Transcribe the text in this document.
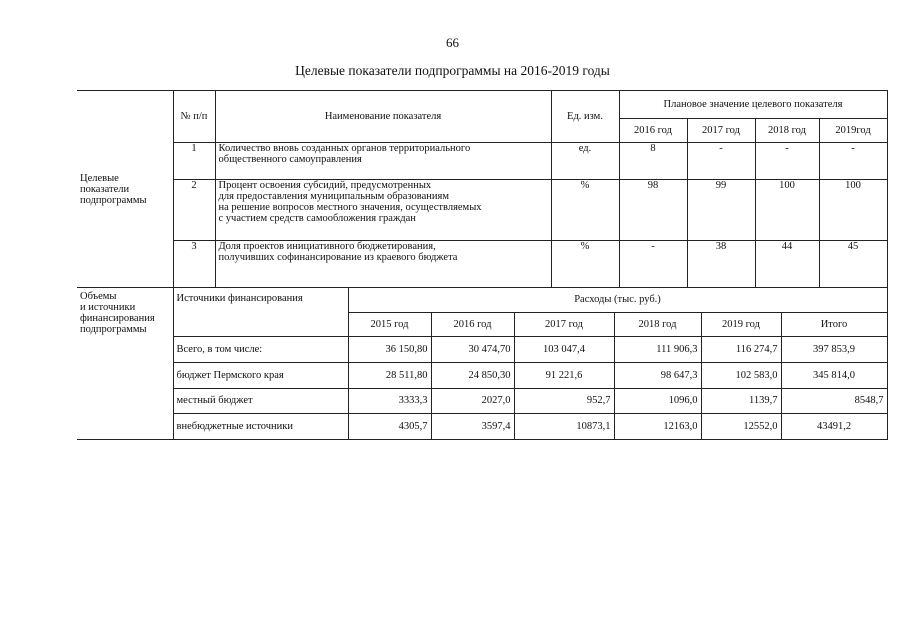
66
Целевые показатели подпрограммы на 2016-2019 годы
Целевые
показатели
подпрограммы	№ п/п	Наименование показателя	Ед. изм.	Плановое значение целевого показателя			
				2016 год	2017 год	2018 год	2019год
	1	Количество вновь созданных органов территориального
общественного самоуправления	ед.	8	-	-	-
	2	Процент освоения субсидий, предусмотренных
для предоставления муниципальным образованиям
на решение вопросов местного значения, осуществляемых
с участием средств самообложения граждан	%	98	99	100	100
	3	Доля проектов инициативного бюджетирования,
получивших софинансирование из краевого бюджета	%	-	38	44	45
Объемы
и источники
финансирования
подпрограммы	Источники финансирования	Расходы (тыс. руб.)					
		2015 год	2016 год	2017 год	2018 год	2019 год	Итого
	Всего, в том числе:	36 150,80	30 474,70	103 047,4	111 906,3	116 274,7	397 853,9
	бюджет Пермского края	28 511,80	24 850,30	91 221,6	98 647,3	102 583,0	345 814,0
	местный бюджет	3333,3	2027,0	952,7	1096,0	1139,7	8548,7
	внебюджетные источники	4305,7	3597,4	10873,1	12163,0	12552,0	43491,2
